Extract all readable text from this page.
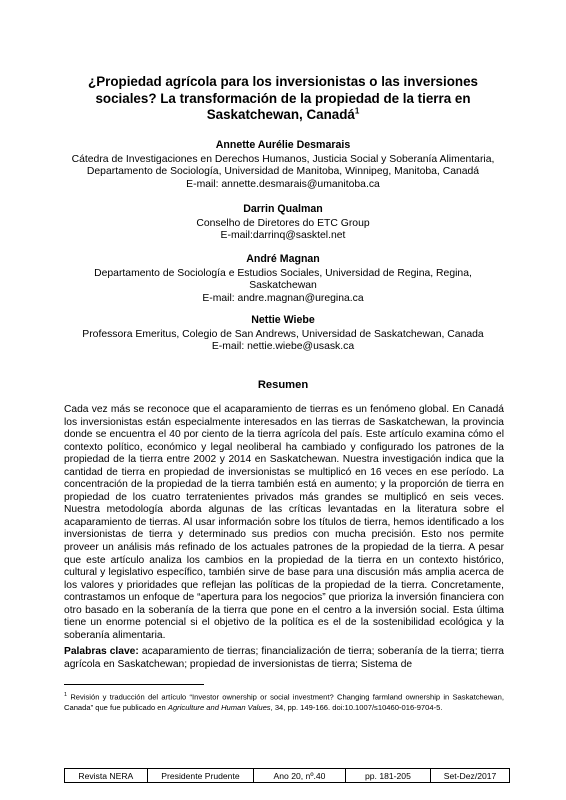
¿Propiedad agrícola para los inversionistas o las inversiones
sociales? La transformación de la propiedad de la tierra en
Saskatchewan, Canadá$^1$
Annette Aurélie Desmarais
Cátedra de Investigaciones en Derechos Humanos, Justicia Social y Soberanía Alimentaria,
Departamento de Sociología, Universidad de Manitoba, Winnipeg, Manitoba, Canadá
E-mail: annette.desmarais@umanitoba.ca
Darrin Qualman
Conselho de Diretores do ETC Group
E-mail:darrinq@sasktel.net
André Magnan
Departamento de Sociología e Estudios Sociales, Universidad de Regina, Regina,
Saskatchewan
E-mail: andre.magnan@uregina.ca
Nettie Wiebe
Professora Emeritus, Colegio de San Andrews, Universidad de Saskatchewan, Canada
E-mail: nettie.wiebe@usask.ca
Resumen

Cada vez más se reconoce que el acaparamiento de tierras es un fenómeno global. En Canadá los inversionistas están especialmente interesados en las tierras de Saskatchewan, la provincia donde se encuentra el 40 por ciento de la tierra agrícola del país. Este artículo examina cómo el contexto político, económico y legal neoliberal ha cambiado y configurado los patrones de la propiedad de la tierra entre 2002 y 2014 en Saskatchewan. Nuestra investigación indica que la cantidad de tierra en propiedad de inversionistas se multiplicó en 16 veces en ese período. La concentración de la propiedad de la tierra también está en aumento; y la proporción de tierra en propiedad de los cuatro terratenientes privados más grandes se multiplicó en seis veces. Nuestra metodología aborda algunas de las críticas levantadas en la literatura sobre el acaparamiento de tierras. Al usar información sobre los títulos de tierra, hemos identificado a los inversionistas de tierra y determinado sus predios con mucha precisión. Esto nos permite proveer un análisis más refinado de los actuales patrones de la propiedad de la tierra. A pesar que este artículo analiza los cambios en la propiedad de la tierra en un contexto histórico, cultural y legislativo específico, también sirve de base para una discusión más amplia acerca de los valores y prioridades que reflejan las políticas de la propiedad de la tierra. Concretamente, contrastamos un enfoque de “apertura para los negocios” que prioriza la inversión financiera con otro basado en la soberanía de la tierra que pone en el centro a la inversión social. Esta última tiene un enorme potencial si el objetivo de la política es el de la sostenibilidad ecológica y la soberanía alimentaria.

Palabras clave: acaparamiento de tierras; financialización de tierra; soberanía de la tierra; tierra agrícola en Saskatchewan; propiedad de inversionistas de tierra; Sistema de

$^1$ Revisión y traducción del artículo “Investor ownership or social investment? Changing farmland ownership in Saskatchewan, Canada” que fue publicado en Agriculture and Human Values, 34, pp. 149-166. doi:10.1007/s10460-016-9704-5.

Revista NERA	Presidente Prudente	Ano 20, nº.40	pp. 181-205	Set-Dez/2017
